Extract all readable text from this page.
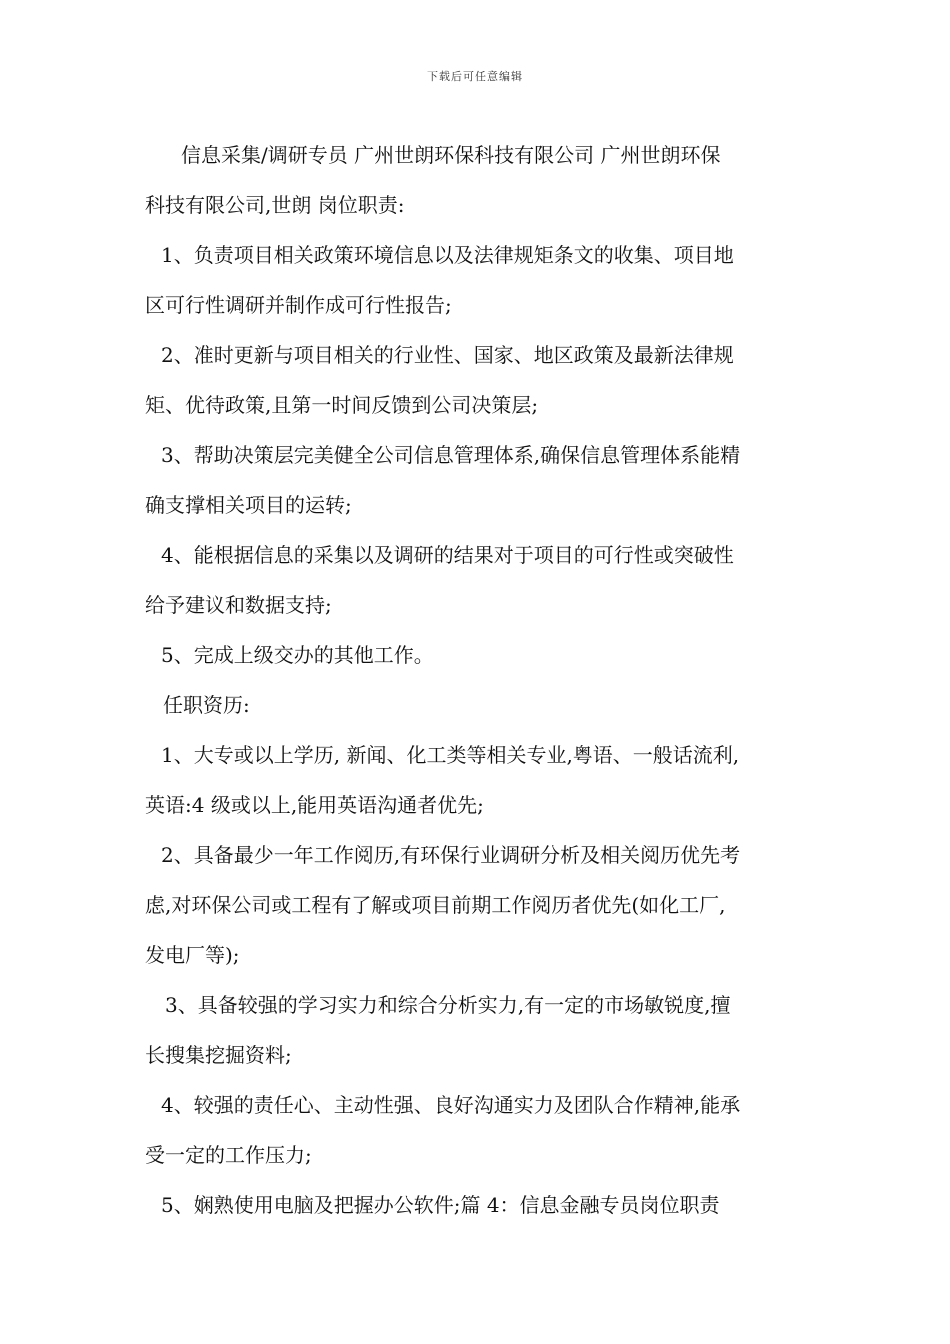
下载后可任意编辑
信息采集/调研专员 广州世朗环保科技有限公司 广州世朗环保
科技有限公司,世朗 岗位职责:
1、负责项目相关政策环境信息以及法律规矩条文的收集、项目地
区可行性调研并制作成可行性报告;
2、准时更新与项目相关的行业性、国家、地区政策及最新法律规
矩、优待政策,且第一时间反馈到公司决策层;
3、帮助决策层完美健全公司信息管理体系,确保信息管理体系能精
确支撑相关项目的运转;
4、能根据信息的采集以及调研的结果对于项目的可行性或突破性
给予建议和数据支持;
5、完成上级交办的其他工作。
任职资历:
1、大专或以上学历, 新闻、化工类等相关专业,粤语、一般话流利,
英语:4 级或以上,能用英语沟通者优先;
2、具备最少一年工作阅历,有环保行业调研分析及相关阅历优先考
虑,对环保公司或工程有了解或项目前期工作阅历者优先(如化工厂,
发电厂等);
3、具备较强的学习实力和综合分析实力,有一定的市场敏锐度,擅
长搜集挖掘资料;
4、较强的责任心、主动性强、良好沟通实力及团队合作精神,能承
受一定的工作压力;
5、娴熟使用电脑及把握办公软件;篇 4：信息金融专员岗位职责
